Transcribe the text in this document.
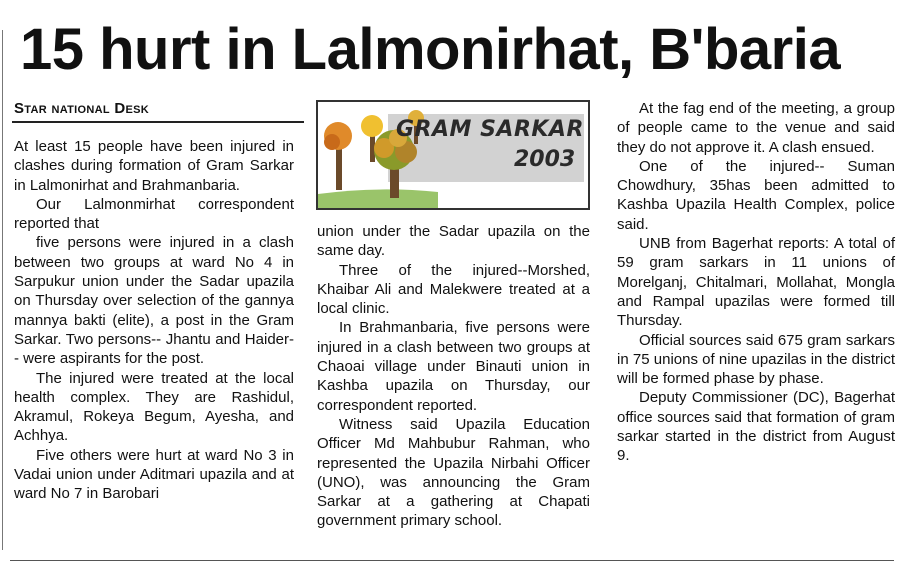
15 hurt in Lalmonirhat, B'baria
Star national Desk

At least 15 people have been injured in clashes during formation of Gram Sarkar in Lalmonirhat and Brahmanbaria.

Our Lalmonmirhat correspondent reported that

five persons were injured in a clash between two groups at ward No 4 in Sarpukur union under the Sadar upazila on Thursday over selection of the gannya mannya bakti (elite), a post in the Gram Sarkar. Two persons-- Jhantu and Haider-- were aspirants for the post.

The injured were treated at the local health complex. They are Rashidul, Akramul, Rokeya Begum, Ayesha, and Achhya.

Five others were hurt at ward No 3 in Vadai union under Aditmari upazila and at ward No 7 in Barobari

GRAM SARKAR
2003

union under the Sadar upazila on the same day.

Three of the injured--Morshed, Khaibar Ali and Malekwere treated at a local clinic.

In Brahmanbaria, five persons were injured in a clash between two groups at Chaoai village under Binauti union in Kashba upazila on Thursday, our correspondent reported.

Witness said Upazila Education Officer Md Mahbubur Rahman, who represented the Upazila Nirbahi Officer (UNO), was announcing the Gram Sarkar at a gathering at Chapati government primary school.

At the fag end of the meeting, a group of people came to the venue and said they do not approve it. A clash ensued.

One of the injured-- Suman Chowdhury, 35has been admitted to Kashba Upazila Health Complex, police said.

UNB from Bagerhat reports: A total of 59 gram sarkars in 11 unions of Morelganj, Chitalmari, Mollahat, Mongla and Rampal upazilas were formed till Thursday.

Official sources said 675 gram sarkars in 75 unions of nine upazilas in the district will be formed phase by phase.

Deputy Commissioner (DC), Bagerhat office sources said that formation of gram sarkar started in the district from August 9.
